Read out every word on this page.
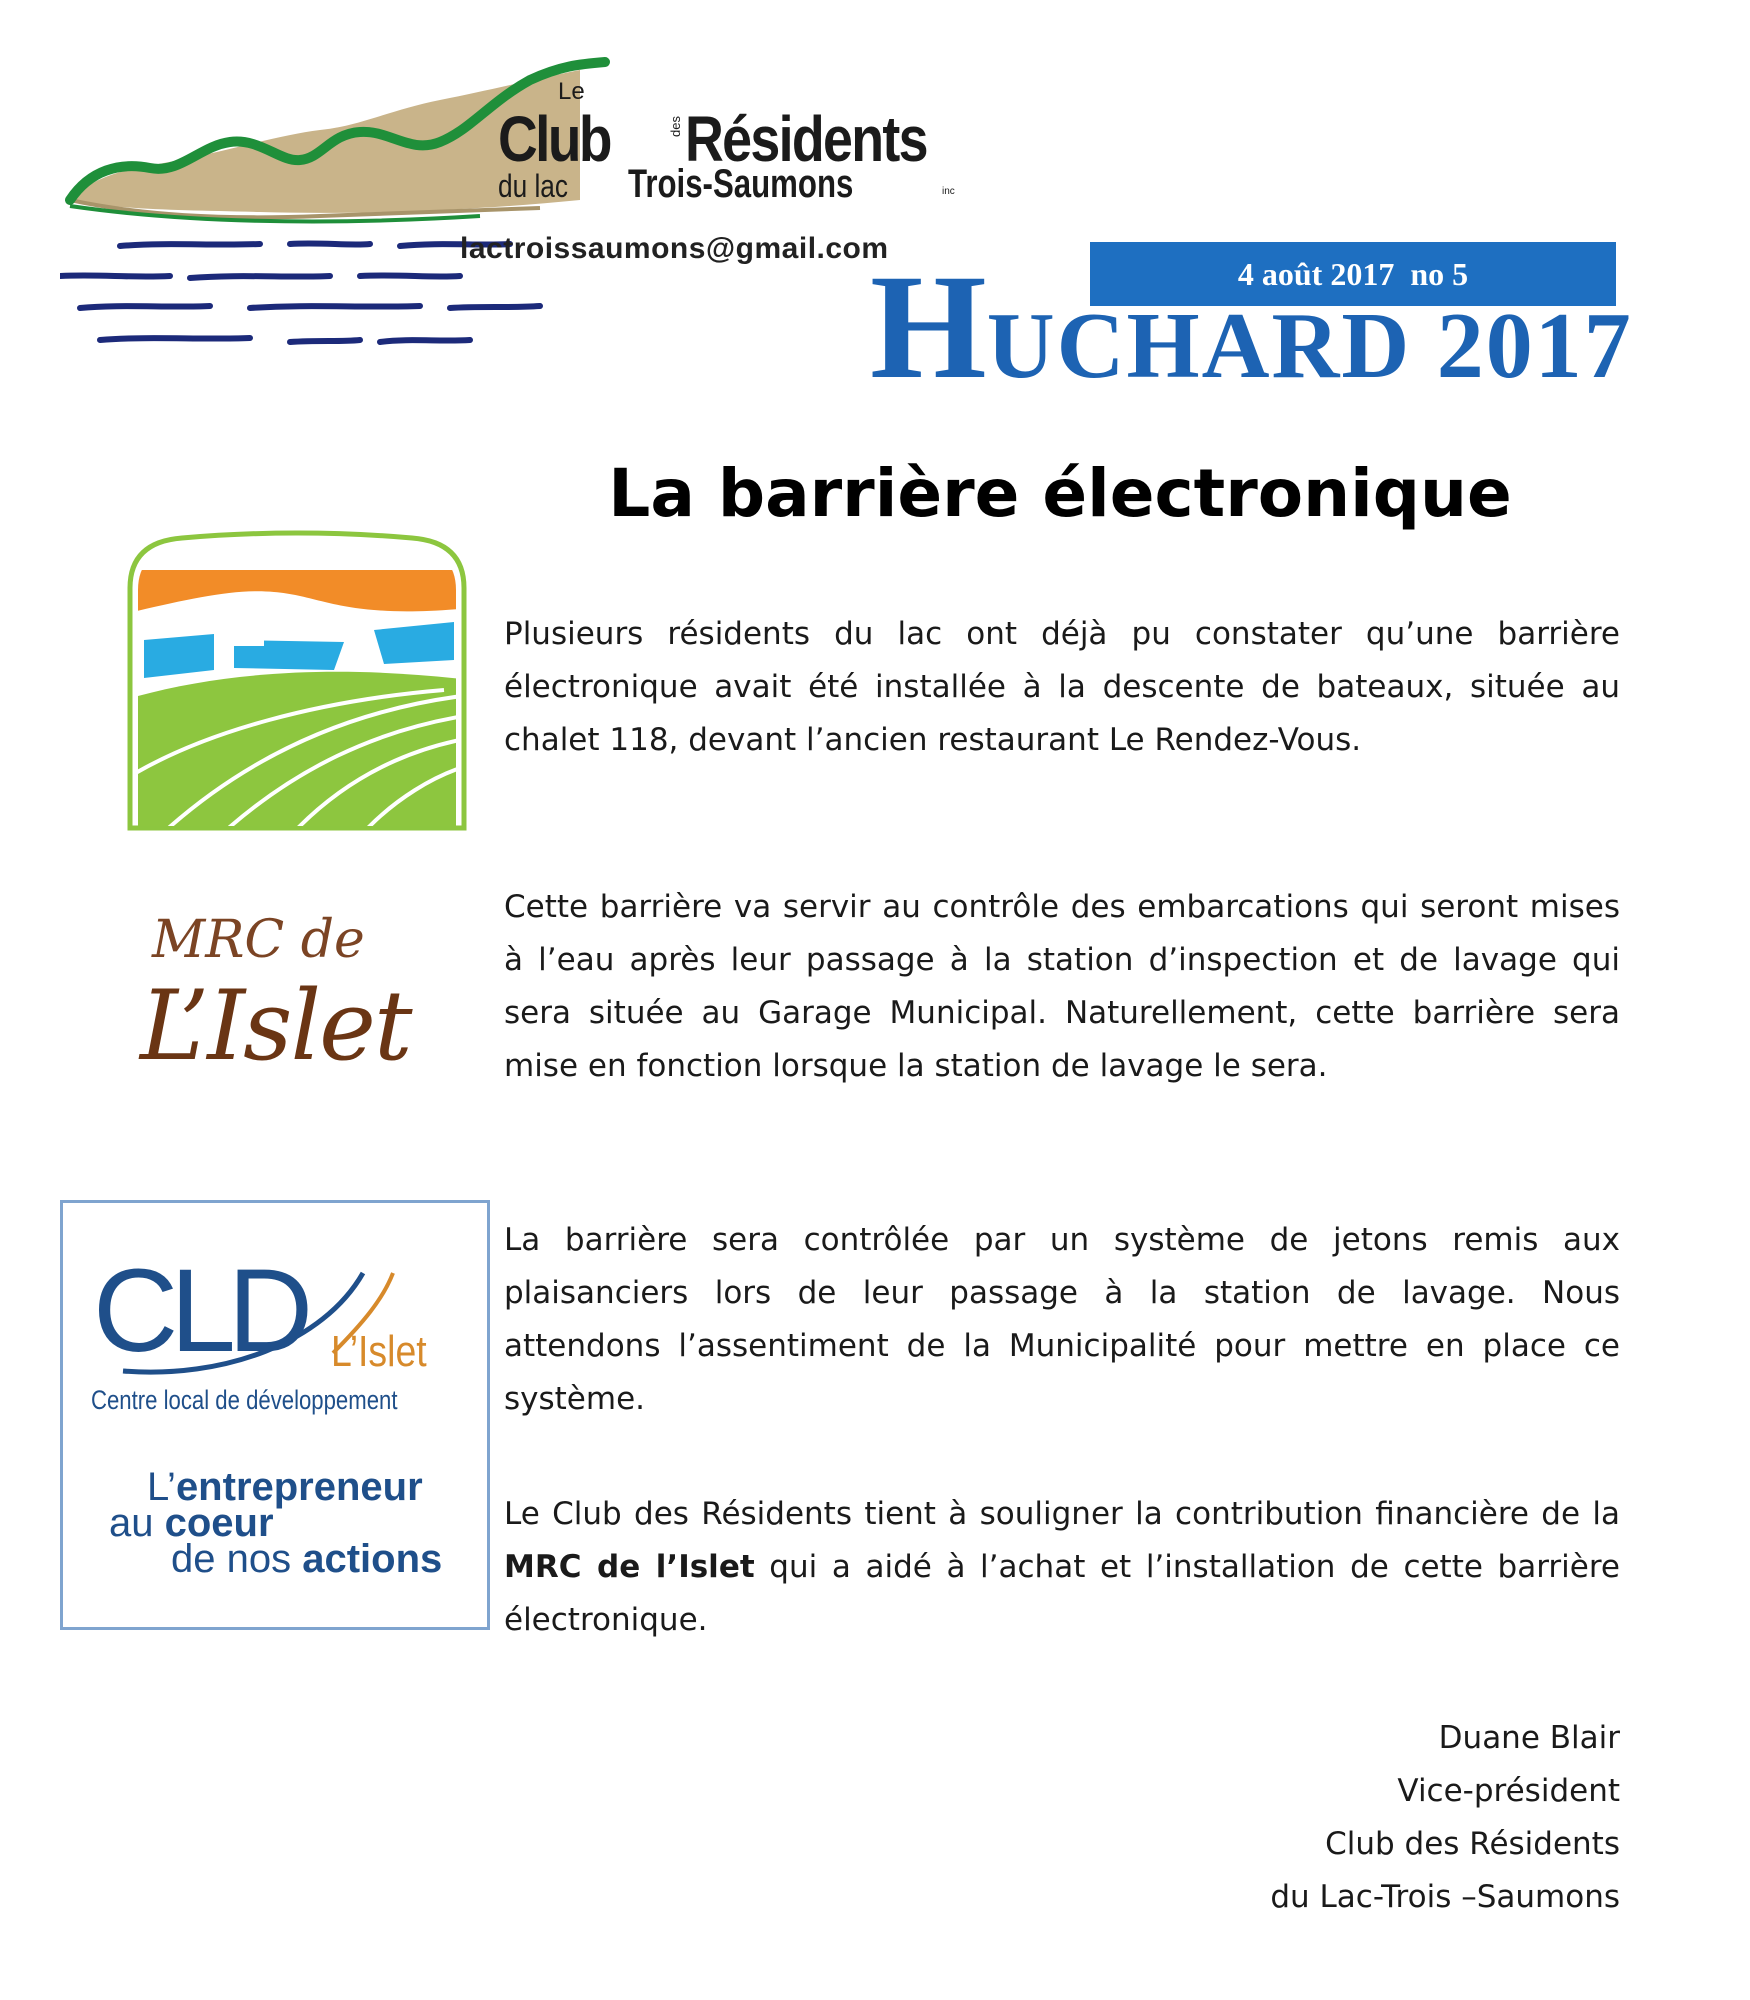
Le
Club	des Résidents
du lac Trois-Saumons	inc
lactroissaumons@gmail.com
4 août 2017 no 5
HUCHARD 2017
La barrière électronique
Plusieurs résidents du lac ont déjà pu constater qu’une barrière électronique avait été installée à la descente de bateaux, située au chalet 118, devant l’ancien restaurant Le Rendez-Vous.
Cette barrière va servir au contrôle des embarcations qui seront mises à l’eau après leur passage à la station d’inspection et de lavage qui sera située au Garage Municipal. Naturellement, cette barrière sera mise en fonction lorsque la station de lavage le sera.
La barrière sera contrôlée par un système de jetons remis aux plaisanciers lors de leur passage à la station de lavage. Nous attendons l’assentiment de la Municipalité pour mettre en place ce système.
Le Club des Résidents tient à souligner la contribution financière de la MRC de l’Islet qui a aidé à l’achat et l’installation de cette barrière électronique.
Duane Blair
Vice-président
Club des Résidents
du Lac-Trois –Saumons
MRC de
L’Islet
CLD L’Islet
Centre local de développement
L’entrepreneur
au coeur
de nos actions
